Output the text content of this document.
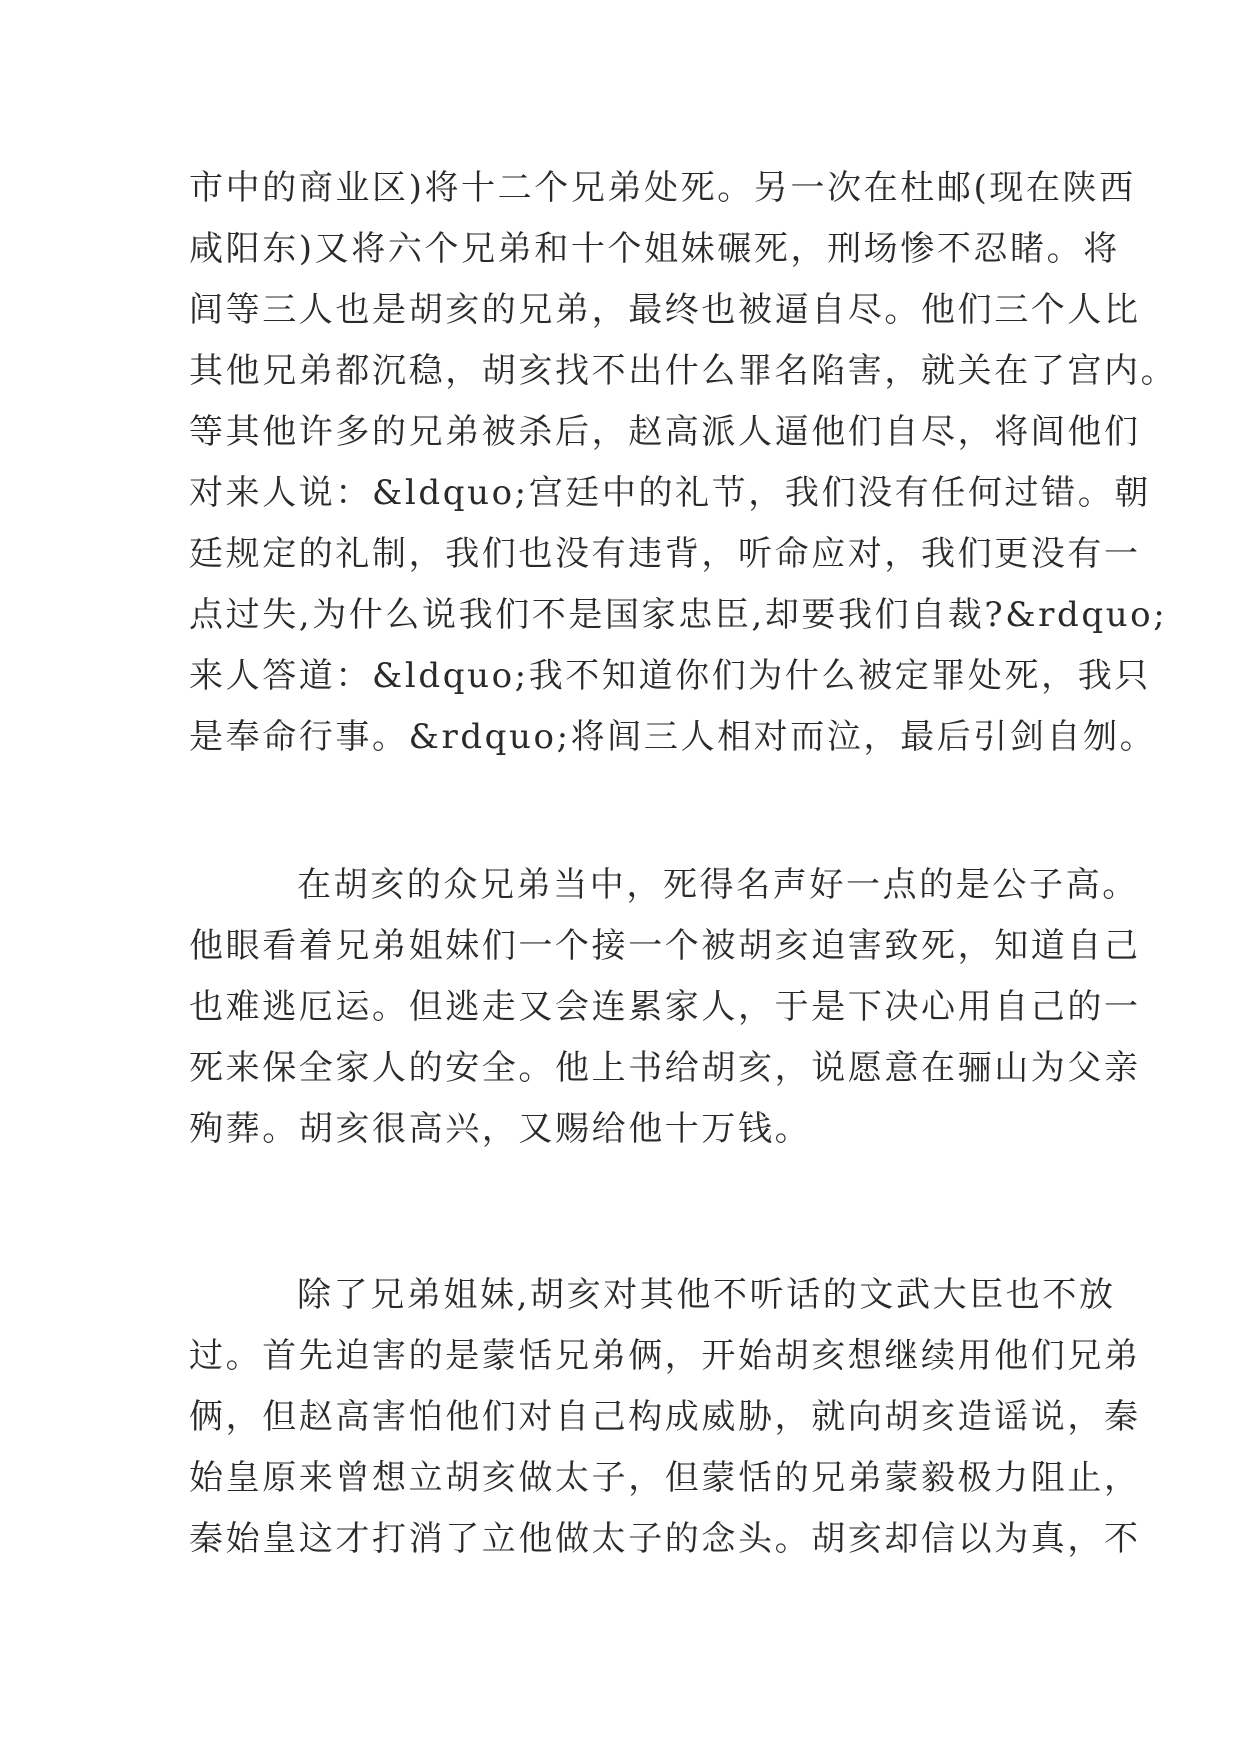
市中的商业区)将十二个兄弟处死。另一次在杜邮(现在陕西
咸阳东)又将六个兄弟和十个姐妹碾死，刑场惨不忍睹。将
闾等三人也是胡亥的兄弟，最终也被逼自尽。他们三个人比
其他兄弟都沉稳，胡亥找不出什么罪名陷害，就关在了宫内。
等其他许多的兄弟被杀后，赵高派人逼他们自尽，将闾他们
对来人说：&ldquo;宫廷中的礼节，我们没有任何过错。朝
廷规定的礼制，我们也没有违背，听命应对，我们更没有一
点过失,为什么说我们不是国家忠臣,却要我们自裁?&rdquo;
来人答道：&ldquo;我不知道你们为什么被定罪处死，我只
是奉命行事。&rdquo;将闾三人相对而泣，最后引剑自刎。
在胡亥的众兄弟当中，死得名声好一点的是公子高。
他眼看着兄弟姐妹们一个接一个被胡亥迫害致死，知道自己
也难逃厄运。但逃走又会连累家人，于是下决心用自己的一
死来保全家人的安全。他上书给胡亥，说愿意在骊山为父亲
殉葬。胡亥很高兴，又赐给他十万钱。
除了兄弟姐妹,胡亥对其他不听话的文武大臣也不放
过。首先迫害的是蒙恬兄弟俩，开始胡亥想继续用他们兄弟
俩，但赵高害怕他们对自己构成威胁，就向胡亥造谣说，秦
始皇原来曾想立胡亥做太子，但蒙恬的兄弟蒙毅极力阻止，
秦始皇这才打消了立他做太子的念头。胡亥却信以为真，不
